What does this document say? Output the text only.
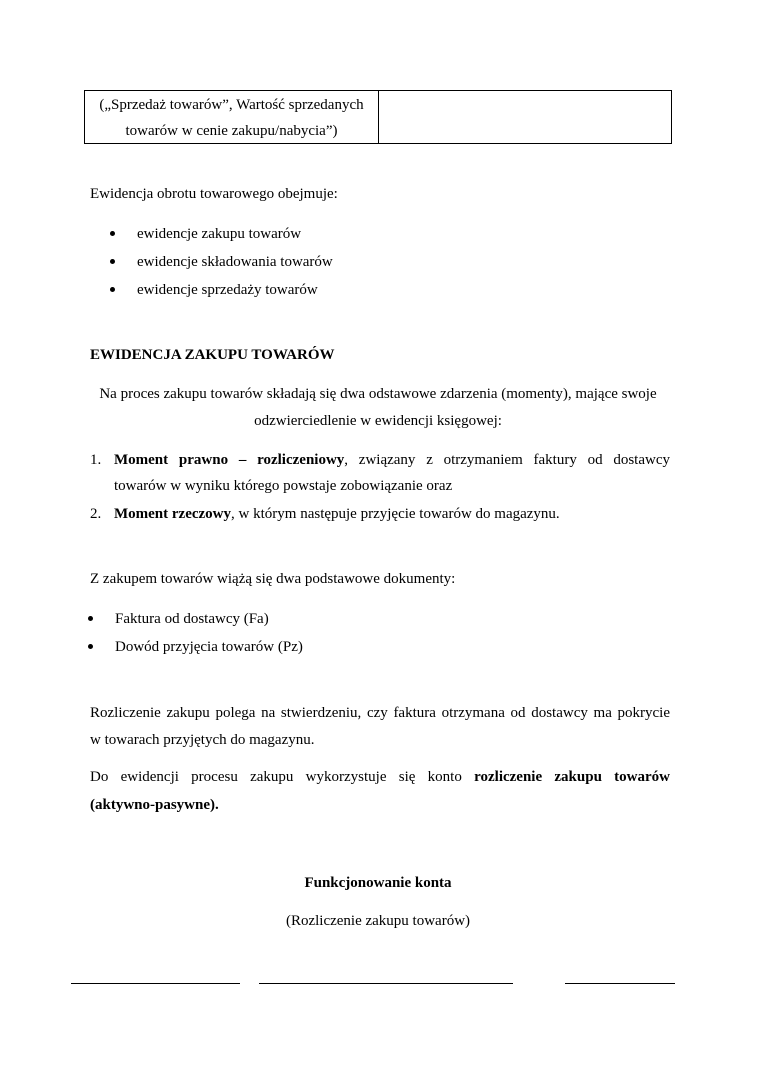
(„Sprzedaż towarów”, Wartość sprzedanych
towarów w cenie zakupu/nabycia”)
Ewidencja obrotu towarowego obejmuje:
ewidencje zakupu towarów
ewidencje składowania towarów
ewidencje sprzedaży towarów
EWIDENCJA ZAKUPU TOWARÓW
Na proces zakupu towarów składają się dwa odstawowe zdarzenia (momenty), mające swoje
odzwierciedlenie w ewidencji księgowej:
1. Moment prawno – rozliczeniowy, związany z otrzymaniem faktury od dostawcy
towarów w wyniku którego powstaje zobowiązanie oraz
2. Moment rzeczowy, w którym następuje przyjęcie towarów do magazynu.
Z zakupem towarów wiążą się dwa podstawowe dokumenty:
Faktura od dostawcy (Fa)
Dowód przyjęcia towarów (Pz)
Rozliczenie zakupu polega na stwierdzeniu, czy faktura otrzymana od dostawcy ma pokrycie
w towarach przyjętych do magazynu.
Do ewidencji procesu zakupu wykorzystuje się konto rozliczenie zakupu towarów
(aktywno-pasywne).
Funkcjonowanie konta
(Rozliczenie zakupu towarów)
